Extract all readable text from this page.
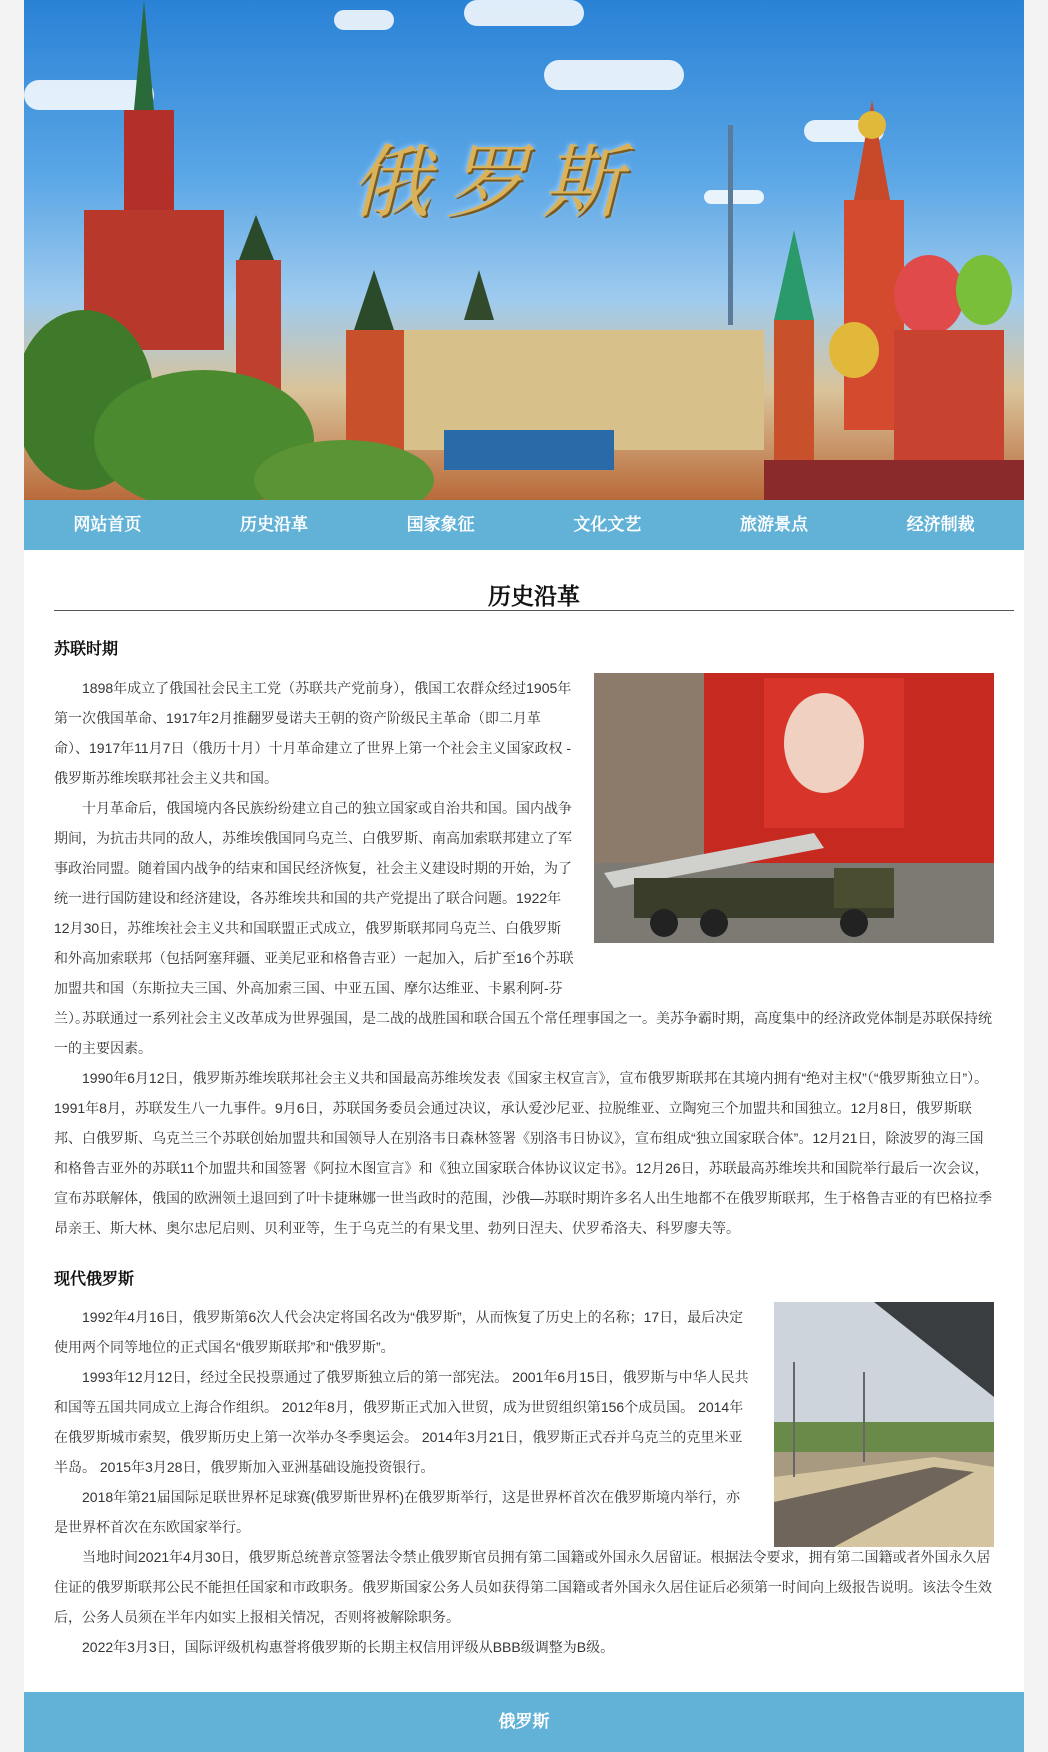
俄罗斯
网站首页	历史沿革	国家象征	文化文艺	旅游景点	经济制裁
历史沿革
苏联时期

1898年成立了俄国社会民主工党（苏联共产党前身），俄国工农群众经过1905年第一次俄国革命、1917年2月推翻罗曼诺夫王朝的资产阶级民主革命（即二月革命）、1917年11月7日（俄历十月）十月革命建立了世界上第一个社会主义国家政权 - 俄罗斯苏维埃联邦社会主义共和国。

十月革命后，俄国境内各民族纷纷建立自己的独立国家或自治共和国。国内战争期间，为抗击共同的敌人，苏维埃俄国同乌克兰、白俄罗斯、南高加索联邦建立了军事政治同盟。随着国内战争的结束和国民经济恢复，社会主义建设时期的开始，为了统一进行国防建设和经济建设，各苏维埃共和国的共产党提出了联合问题。1922年12月30日，苏维埃社会主义共和国联盟正式成立，俄罗斯联邦同乌克兰、白俄罗斯和外高加索联邦（包括阿塞拜疆、亚美尼亚和格鲁吉亚）一起加入，后扩至16个苏联加盟共和国（东斯拉夫三国、外高加索三国、中亚五国、摩尔达维亚、卡累利阿-芬兰）。

苏联通过一系列社会主义改革成为世界强国，是二战的战胜国和联合国五个常任理事国之一。美苏争霸时期，高度集中的经济政党体制是苏联保持统一的主要因素。

1990年6月12日，俄罗斯苏维埃联邦社会主义共和国最高苏维埃发表《国家主权宣言》，宣布俄罗斯联邦在其境内拥有“绝对主权”（“俄罗斯独立日”）。1991年8月，苏联发生八一九事件。9月6日，苏联国务委员会通过决议，承认爱沙尼亚、拉脱维亚、立陶宛三个加盟共和国独立。12月8日，俄罗斯联邦、白俄罗斯、乌克兰三个苏联创始加盟共和国领导人在别洛韦日森林签署《别洛韦日协议》，宣布组成“独立国家联合体”。12月21日，除波罗的海三国和格鲁吉亚外的苏联11个加盟共和国签署《阿拉木图宣言》和《独立国家联合体协议议定书》。12月26日，苏联最高苏维埃共和国院举行最后一次会议，宣布苏联解体，俄国的欧洲领土退回到了叶卡捷琳娜一世当政时的范围，沙俄—苏联时期许多名人出生地都不在俄罗斯联邦，生于格鲁吉亚的有巴格拉季昂亲王、斯大林、奥尔忠尼启则、贝利亚等，生于乌克兰的有果戈里、勃列日涅夫、伏罗希洛夫、科罗廖夫等。

现代俄罗斯

1992年4月16日，俄罗斯第6次人代会决定将国名改为“俄罗斯”，从而恢复了历史上的名称；17日，最后决定使用两个同等地位的正式国名“俄罗斯联邦”和“俄罗斯”。

1993年12月12日，经过全民投票通过了俄罗斯独立后的第一部宪法。 2001年6月15日，俄罗斯与中华人民共和国等五国共同成立上海合作组织。 2012年8月，俄罗斯正式加入世贸，成为世贸组织第156个成员国。 2014年在俄罗斯城市索契，俄罗斯历史上第一次举办冬季奥运会。 2014年3月21日，俄罗斯正式吞并乌克兰的克里米亚半岛。 2015年3月28日，俄罗斯加入亚洲基础设施投资银行。

2018年第21届国际足联世界杯足球赛(俄罗斯世界杯)在俄罗斯举行，这是世界杯首次在俄罗斯境内举行，亦是世界杯首次在东欧国家举行。

当地时间2021年4月30日，俄罗斯总统普京签署法令禁止俄罗斯官员拥有第二国籍或外国永久居留证。根据法令要求，拥有第二国籍或者外国永久居住证的俄罗斯联邦公民不能担任国家和市政职务。俄罗斯国家公务人员如获得第二国籍或者外国永久居住证后必须第一时间向上级报告说明。该法令生效后，公务人员须在半年内如实上报相关情况，否则将被解除职务。

2022年3月3日，国际评级机构惠誉将俄罗斯的长期主权信用评级从BBB级调整为B级。

俄罗斯
